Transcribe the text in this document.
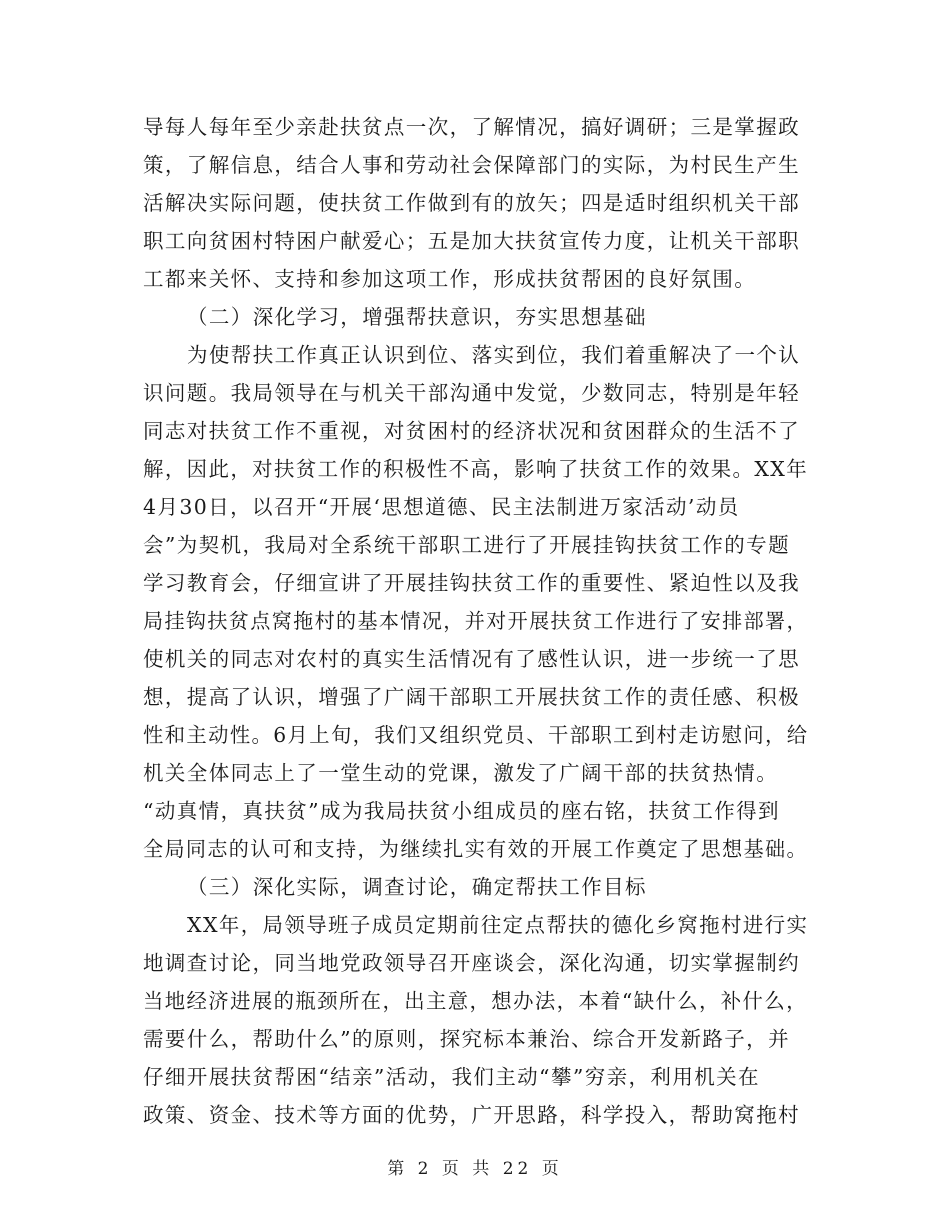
导每人每年至少亲赴扶贫点一次，了解情况，搞好调研；三是掌握政
策，了解信息，结合人事和劳动社会保障部门的实际，为村民生产生
活解决实际问题，使扶贫工作做到有的放矢；四是适时组织机关干部
职工向贫困村特困户献爱心；五是加大扶贫宣传力度，让机关干部职
工都来关怀、支持和参加这项工作，形成扶贫帮困的良好氛围。
（二）深化学习，增强帮扶意识，夯实思想基础
为使帮扶工作真正认识到位、落实到位，我们着重解决了一个认
识问题。我局领导在与机关干部沟通中发觉，少数同志，特别是年轻
同志对扶贫工作不重视，对贫困村的经济状况和贫困群众的生活不了
解，因此，对扶贫工作的积极性不高，影响了扶贫工作的效果。XX年
4月30日，以召开“开展‘思想道德、民主法制进万家活动’动员
会”为契机，我局对全系统干部职工进行了开展挂钩扶贫工作的专题
学习教育会，仔细宣讲了开展挂钩扶贫工作的重要性、紧迫性以及我
局挂钩扶贫点窝拖村的基本情况，并对开展扶贫工作进行了安排部署，
使机关的同志对农村的真实生活情况有了感性认识，进一步统一了思
想，提高了认识，增强了广阔干部职工开展扶贫工作的责任感、积极
性和主动性。6月上旬，我们又组织党员、干部职工到村走访慰问，给
机关全体同志上了一堂生动的党课，激发了广阔干部的扶贫热情。
“动真情，真扶贫”成为我局扶贫小组成员的座右铭，扶贫工作得到
全局同志的认可和支持，为继续扎实有效的开展工作奠定了思想基础。
（三）深化实际，调查讨论，确定帮扶工作目标
XX年，局领导班子成员定期前往定点帮扶的德化乡窝拖村进行实
地调查讨论，同当地党政领导召开座谈会，深化沟通，切实掌握制约
当地经济进展的瓶颈所在，出主意，想办法，本着“缺什么，补什么，
需要什么，帮助什么”的原则，探究标本兼治、综合开发新路子，并
仔细开展扶贫帮困“结亲”活动，我们主动“攀”穷亲，利用机关在
政策、资金、技术等方面的优势，广开思路，科学投入，帮助窝拖村
第 2 页 共 22 页
